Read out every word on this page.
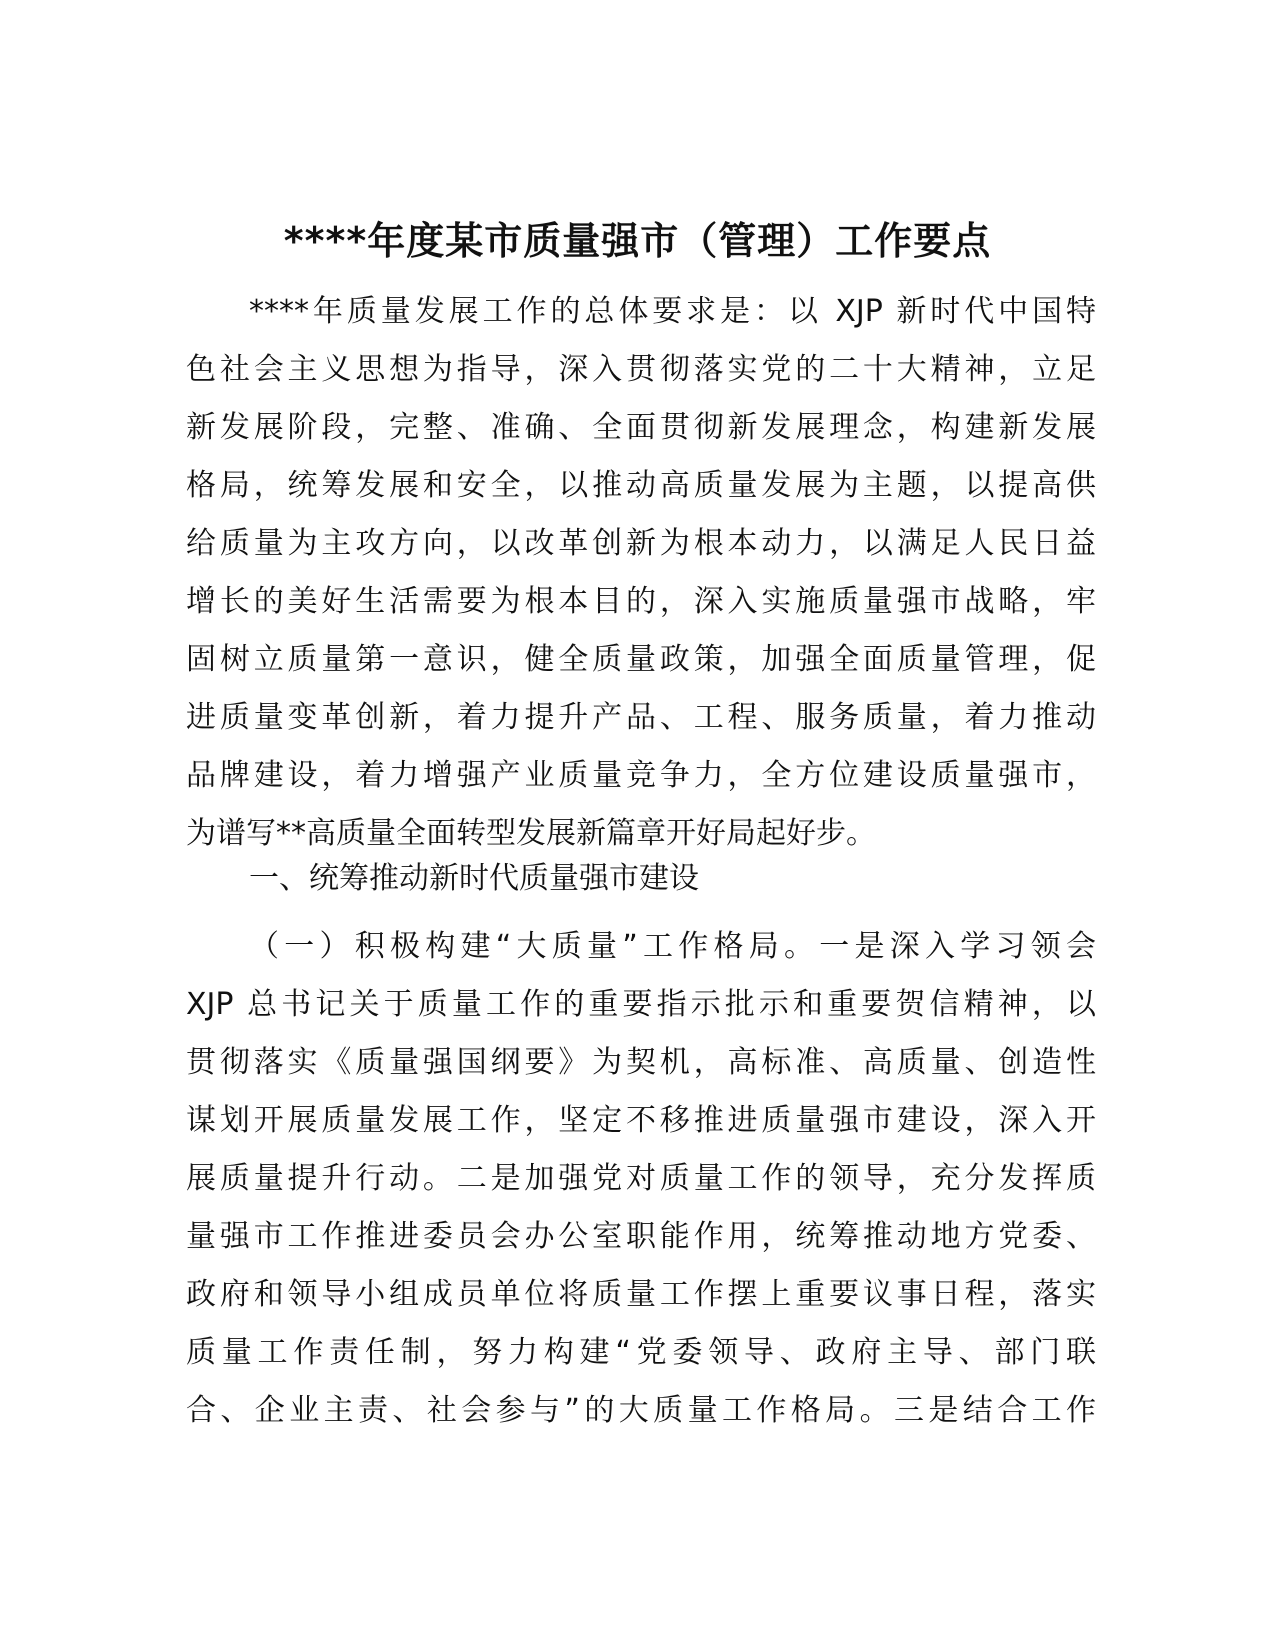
****年度某市质量强市（管理）工作要点
****年质量发展工作的总体要求是：以 XJP 新时代中国特
色社会主义思想为指导，深入贯彻落实党的二十大精神，立足
新发展阶段，完整、准确、全面贯彻新发展理念，构建新发展
格局，统筹发展和安全，以推动高质量发展为主题，以提高供
给质量为主攻方向，以改革创新为根本动力，以满足人民日益
增长的美好生活需要为根本目的，深入实施质量强市战略，牢
固树立质量第一意识，健全质量政策，加强全面质量管理，促
进质量变革创新，着力提升产品、工程、服务质量，着力推动
品牌建设，着力增强产业质量竞争力，全方位建设质量强市，
为谱写**高质量全面转型发展新篇章开好局起好步。
一、统筹推动新时代质量强市建设
（一）积极构建“大质量”工作格局。一是深入学习领会
XJP 总书记关于质量工作的重要指示批示和重要贺信精神，以
贯彻落实《质量强国纲要》为契机，高标准、高质量、创造性
谋划开展质量发展工作，坚定不移推进质量强市建设，深入开
展质量提升行动。二是加强党对质量工作的领导，充分发挥质
量强市工作推进委员会办公室职能作用，统筹推动地方党委、
政府和领导小组成员单位将质量工作摆上重要议事日程，落实
质量工作责任制，努力构建“党委领导、政府主导、部门联
合、企业主责、社会参与”的大质量工作格局。三是结合工作
